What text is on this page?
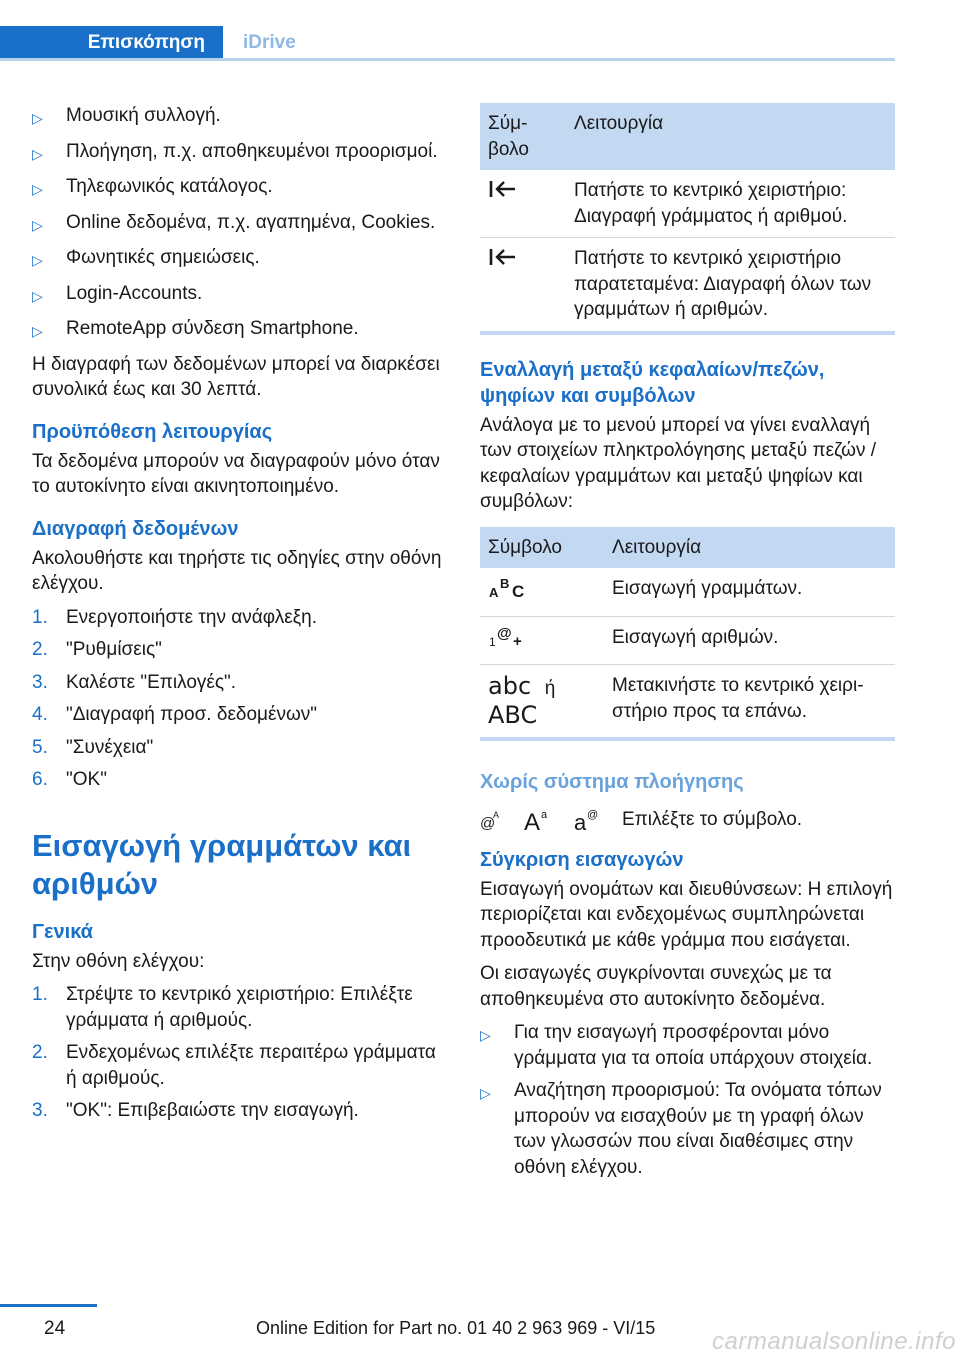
Επισκόπηση	iDrive
▷	Μουσική συλλογή.
▷	Πλοήγηση, π.χ. αποθηκευμένοι προορισμοί.
▷	Τηλεφωνικός κατάλογος.
▷	Online δεδομένα, π.χ. αγαπημένα, Cookies.
▷	Φωνητικές σημειώσεις.
▷	Login-Accounts.
▷	RemoteApp σύνδεση Smartphone.

Η διαγραφή των δεδομένων μπορεί να διαρκέσει συνολικά έως και 30 λεπτά.

Προϋπόθεση λειτουργίας

Τα δεδομένα μπορούν να διαγραφούν μόνο όταν το αυτοκίνητο είναι ακινητοποιημένο.

Διαγραφή δεδομένων

Ακολουθήστε και τηρήστε τις οδηγίες στην οθόνη ελέγχου.

1. Ενεργοποιήστε την ανάφλεξη.
2. "Ρυθμίσεις"
3. Καλέστε "Επιλογές".
4. "Διαγραφή προσ. δεδομένων"
5. "Συνέχεια"
6. "OK"
Εισαγωγή γραμμάτων και αριθμών
Γενικά

Στην οθόνη ελέγχου:

1. Στρέψτε το κεντρικό χειριστήριο: Επιλέξτε γράμματα ή αριθμούς.
2. Ενδεχομένως επιλέξτε περαιτέρω γράμματα ή αριθμούς.
3. "OK": Επιβεβαιώστε την εισαγωγή.
Σύμβολο	Λειτουργία
	Πατήστε το κεντρικό χειριστήριο: Διαγραφή γράμματος ή αριθμού.
	Πατήστε το κεντρικό χειριστήριο παρατεταμένα: Διαγραφή όλων των γραμμάτων ή αριθμών.
Εναλλαγή μεταξύ κεφαλαίων/πεζών, ψηφίων και συμβόλων

Ανάλογα με το μενού μπορεί να γίνει εναλλαγή των στοιχείων πληκτρολόγησης μεταξύ πεζών / κεφαλαίων γραμμάτων και μεταξύ ψηφίων και συμβόλων:

Σύμβολο	Λειτουργία

A
B C	Εισαγωγή γραμμάτων.

1 @ +	Εισαγωγή αριθμών.

abc ή
ABC	Μετακινήστε το κεντρικό χειριστήριο προς τα επάνω.
Χωρίς σύστημα πλοήγησης
@
A A a a @ Επιλέξτε το σύμβολο.
Σύγκριση εισαγωγών

Εισαγωγή ονομάτων και διευθύνσεων: Η επιλογή περιορίζεται και ενδεχομένως συμπληρώνεται προοδευτικά με κάθε γράμμα που εισάγεται.

Οι εισαγωγές συγκρίνονται συνεχώς με τα αποθηκευμένα στο αυτοκίνητο δεδομένα.

▷	Για την εισαγωγή προσφέρονται μόνο γράμματα για τα οποία υπάρχουν στοιχεία.
▷	Αναζήτηση προορισμού: Τα ονόματα τόπων μπορούν να εισαχθούν με τη γραφή όλων των γλωσσών που είναι διαθέσιμες στην οθόνη ελέγχου.
24	Online Edition for Part no. 01 40 2 963 969 - VI/15 carmanualsonline.info
